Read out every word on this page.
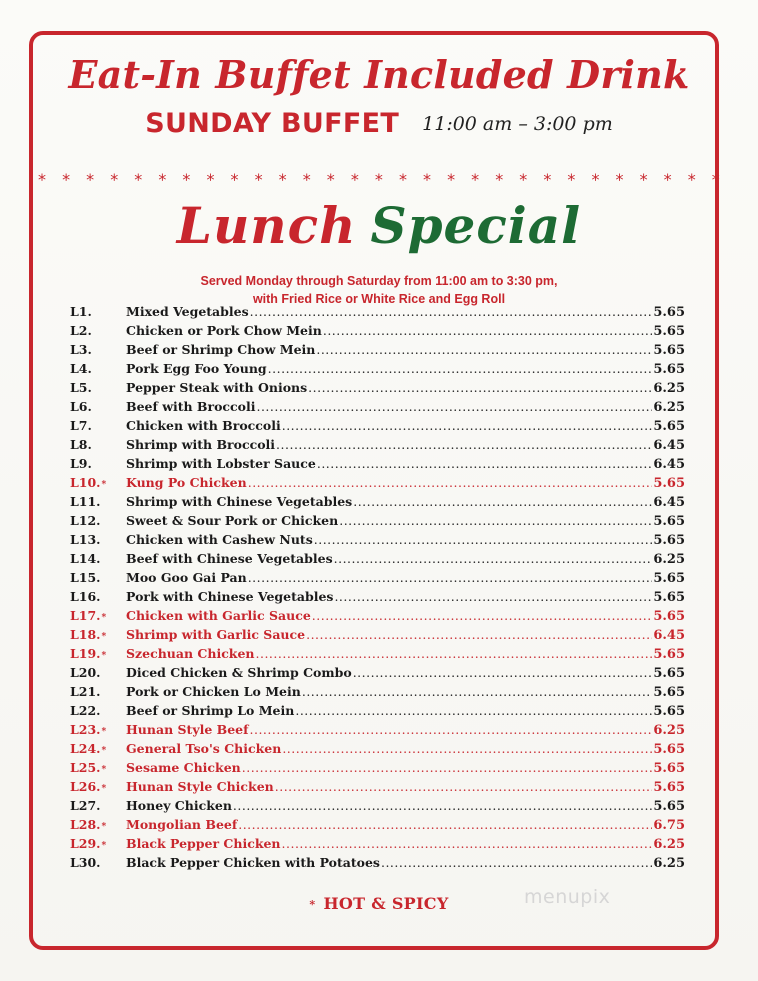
Eat-In Buffet Included Drink
SUNDAY BUFFET 11:00 am – 3:00 pm
* * * * * * * * * * * * * * * * * * * * * * * * * * * * *
Lunch Special
Served Monday through Saturday from 11:00 am to 3:30 pm,
with Fried Rice or White Rice and Egg Roll
L1.	Mixed Vegetables .....	5.65
L2.	Chicken or Pork Chow Mein .....	5.65
L3.	Beef or Shrimp Chow Mein .....	5.65
L4.	Pork Egg Foo Young .....	5.65
L5.	Pepper Steak with Onions .....	6.25
L6.	Beef with Broccoli .....	6.25
L7.	Chicken with Broccoli .....	5.65
L8.	Shrimp with Broccoli .....	6.45
L9.	Shrimp with Lobster Sauce .....	6.45
L10.*	Kung Po Chicken .....	5.65
L11.	Shrimp with Chinese Vegetables .....	6.45
L12.	Sweet & Sour Pork or Chicken .....	5.65
L13.	Chicken with Cashew Nuts .....	5.65
L14.	Beef with Chinese Vegetables .....	6.25
L15.	Moo Goo Gai Pan .....	5.65
L16.	Pork with Chinese Vegetables .....	5.65
L17.*	Chicken with Garlic Sauce .....	5.65
L18.*	Shrimp with Garlic Sauce .....	6.45
L19.*	Szechuan Chicken .....	5.65
L20.	Diced Chicken & Shrimp Combo .....	5.65
L21.	Pork or Chicken Lo Mein .....	5.65
L22.	Beef or Shrimp Lo Mein .....	5.65
L23.*	Hunan Style Beef .....	6.25
L24.*	General Tso's Chicken .....	5.65
L25.*	Sesame Chicken .....	5.65
L26.*	Hunan Style Chicken .....	5.65
L27.	Honey Chicken .....	5.65
L28.*	Mongolian Beef .....	6.75
L29.*	Black Pepper Chicken .....	6.25
L30.	Black Pepper Chicken with Potatoes .....	6.25
* HOT & SPICY	menupix
